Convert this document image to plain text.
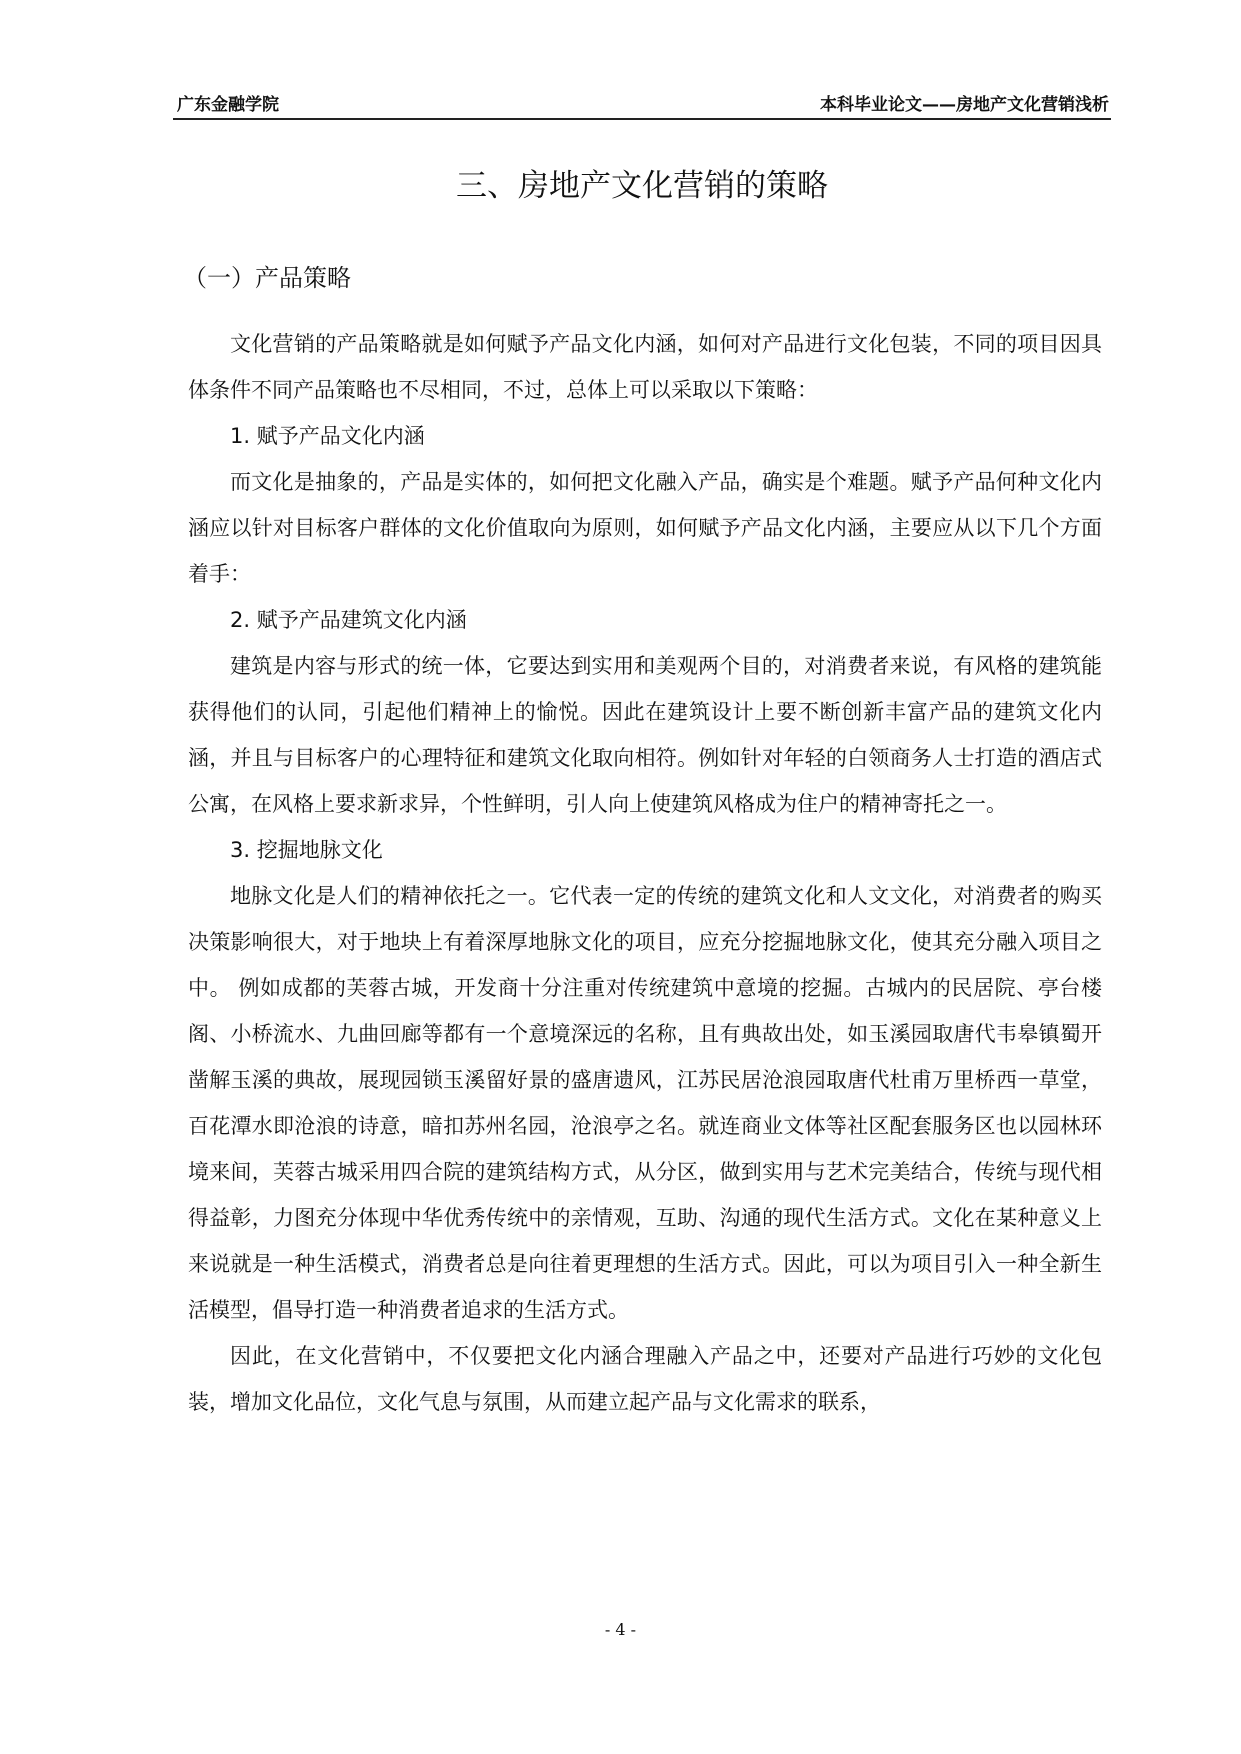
广东金融学院	本科毕业论文——房地产文化营销浅析
三、房地产文化营销的策略
（一）产品策略

文化营销的产品策略就是如何赋予产品文化内涵，如何对产品进行文化包装，不同的项目因具体条件不同产品策略也不尽相同，不过，总体上可以采取以下策略：

1. 赋予产品文化内涵

而文化是抽象的，产品是实体的，如何把文化融入产品，确实是个难题。赋予产品何种文化内涵应以针对目标客户群体的文化价值取向为原则，如何赋予产品文化内涵，主要应从以下几个方面着手：

2. 赋予产品建筑文化内涵

建筑是内容与形式的统一体，它要达到实用和美观两个目的，对消费者来说，有风格的建筑能获得他们的认同，引起他们精神上的愉悦。因此在建筑设计上要不断创新丰富产品的建筑文化内涵，并且与目标客户的心理特征和建筑文化取向相符。例如针对年轻的白领商务人士打造的酒店式公寓，在风格上要求新求异，个性鲜明，引人向上使建筑风格成为住户的精神寄托之一。

3. 挖掘地脉文化

地脉文化是人们的精神依托之一。它代表一定的传统的建筑文化和人文文化，对消费者的购买决策影响很大，对于地块上有着深厚地脉文化的项目，应充分挖掘地脉文化，使其充分融入项目之中。 例如成都的芙蓉古城，开发商十分注重对传统建筑中意境的挖掘。古城内的民居院、亭台楼阁、小桥流水、九曲回廊等都有一个意境深远的名称，且有典故出处，如玉溪园取唐代韦皋镇蜀开凿解玉溪的典故，展现园锁玉溪留好景的盛唐遗风，江苏民居沧浪园取唐代杜甫万里桥西一草堂，百花潭水即沧浪的诗意，暗扣苏州名园，沧浪亭之名。就连商业文体等社区配套服务区也以园林环境来间，芙蓉古城采用四合院的建筑结构方式，从分区，做到实用与艺术完美结合，传统与现代相得益彰，力图充分体现中华优秀传统中的亲情观，互助、沟通的现代生活方式。文化在某种意义上来说就是一种生活模式，消费者总是向往着更理想的生活方式。因此，可以为项目引入一种全新生活模型，倡导打造一种消费者追求的生活方式。

因此，在文化营销中，不仅要把文化内涵合理融入产品之中，还要对产品进行巧妙的文化包装，增加文化品位，文化气息与氛围，从而建立起产品与文化需求的联系，

- 4 -
